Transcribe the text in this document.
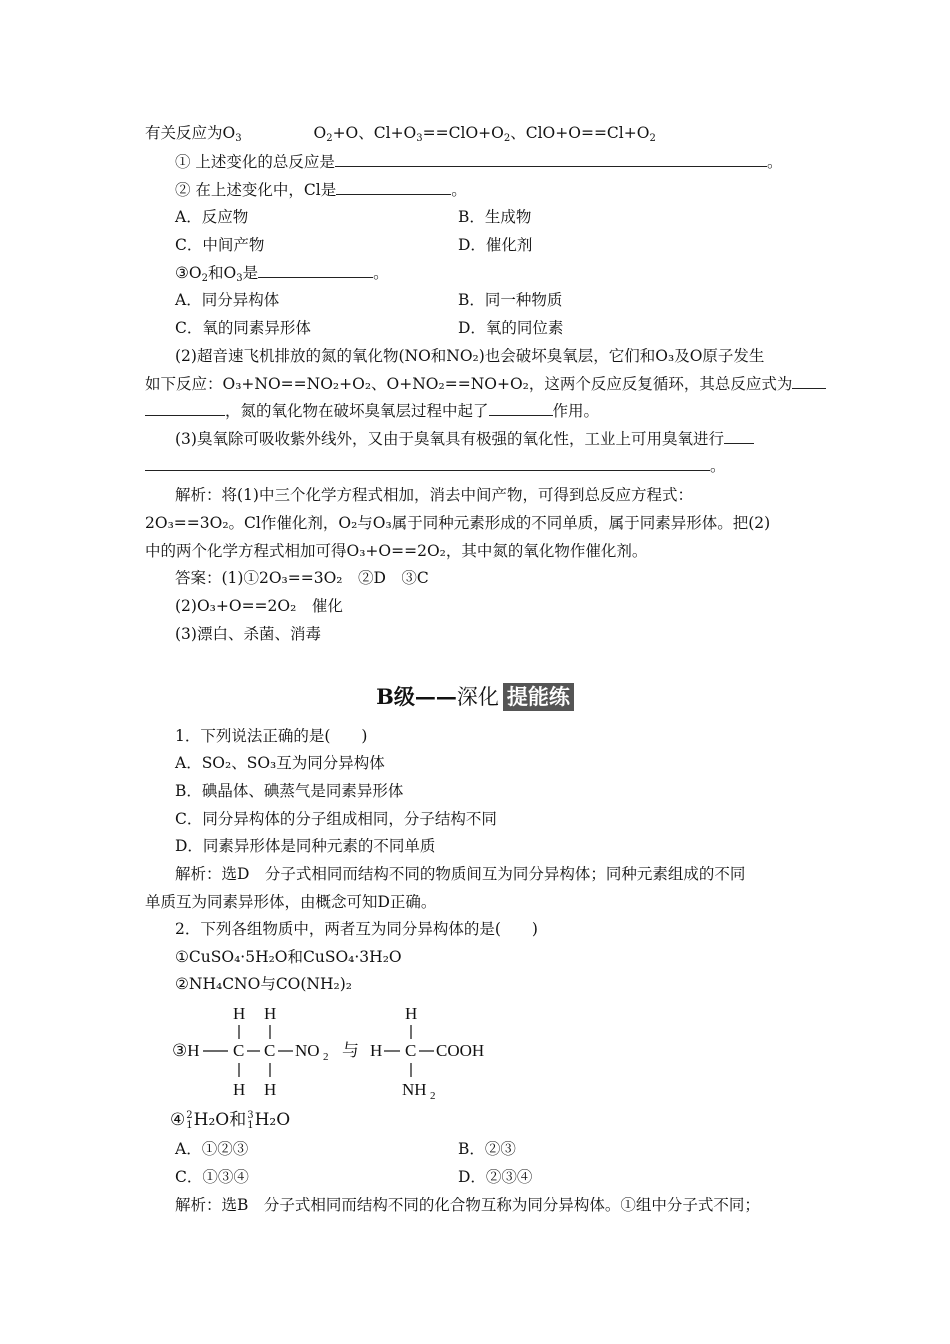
有关反应为$O_3$	$O_2+O$、$Cl+O_3==ClO+O_2$、$ClO+O==Cl+O_2$
① 上述变化的总反应是	。
② 在上述变化中，Cl是	。
A．反应物	B．生成物
C．中间产物	D．催化剂
$③O_2$和$O_3$是	。
A．同分异构体	B．同一种物质
C．氧的同素异形体	D．氧的同位素
(2)超音速飞机排放的氮的氧化物(NO和NO₂)也会破坏臭氧层，它们和O₃及O原子发生
如下反应：O₃+NO==NO₂+O₂、O+NO₂==NO+O₂，这两个反应反复循环，其总反应式为
，氮的氧化物在破坏臭氧层过程中起了	作用。
(3)臭氧除可吸收紫外线外，又由于臭氧具有极强的氧化性，工业上可用臭氧进行
。
解析：将(1)中三个化学方程式相加，消去中间产物，可得到总反应方程式：
2O₃==3O₂。Cl作催化剂，O₂与O₃属于同种元素形成的不同单质，属于同素异形体。把(2)
中的两个化学方程式相加可得O₃+O==2O₂，其中氮的氧化物作催化剂。
答案：(1)①2O₃==3O₂　②D　③C
(2)O₃+O==2O₂　催化
(3)漂白、杀菌、消毒
B级——深化 提能练
1．下列说法正确的是(　　)
A．SO₂、SO₃互为同分异构体
B．碘晶体、碘蒸气是同素异形体
C．同分异构体的分子组成相同，分子结构不同
D．同素异形体是同种元素的不同单质
解析：选D　分子式相同而结构不同的物质间互为同分异构体；同种元素组成的不同
单质互为同素异形体，由概念可知D正确。
2．下列各组物质中，两者互为同分异构体的是(　　)
①CuSO₄·5H₂O和CuSO₄·3H₂O
②NH₄CNO与CO(NH₂)₂
H H
③H C C NO 2
H H
与
H
H C COOH
NH 2
④ 2
1 H₂O和 3
1 H₂O
A．①②③	B．②③
C．①③④	D．②③④
解析：选B　分子式相同而结构不同的化合物互称为同分异构体。①组中分子式不同；
